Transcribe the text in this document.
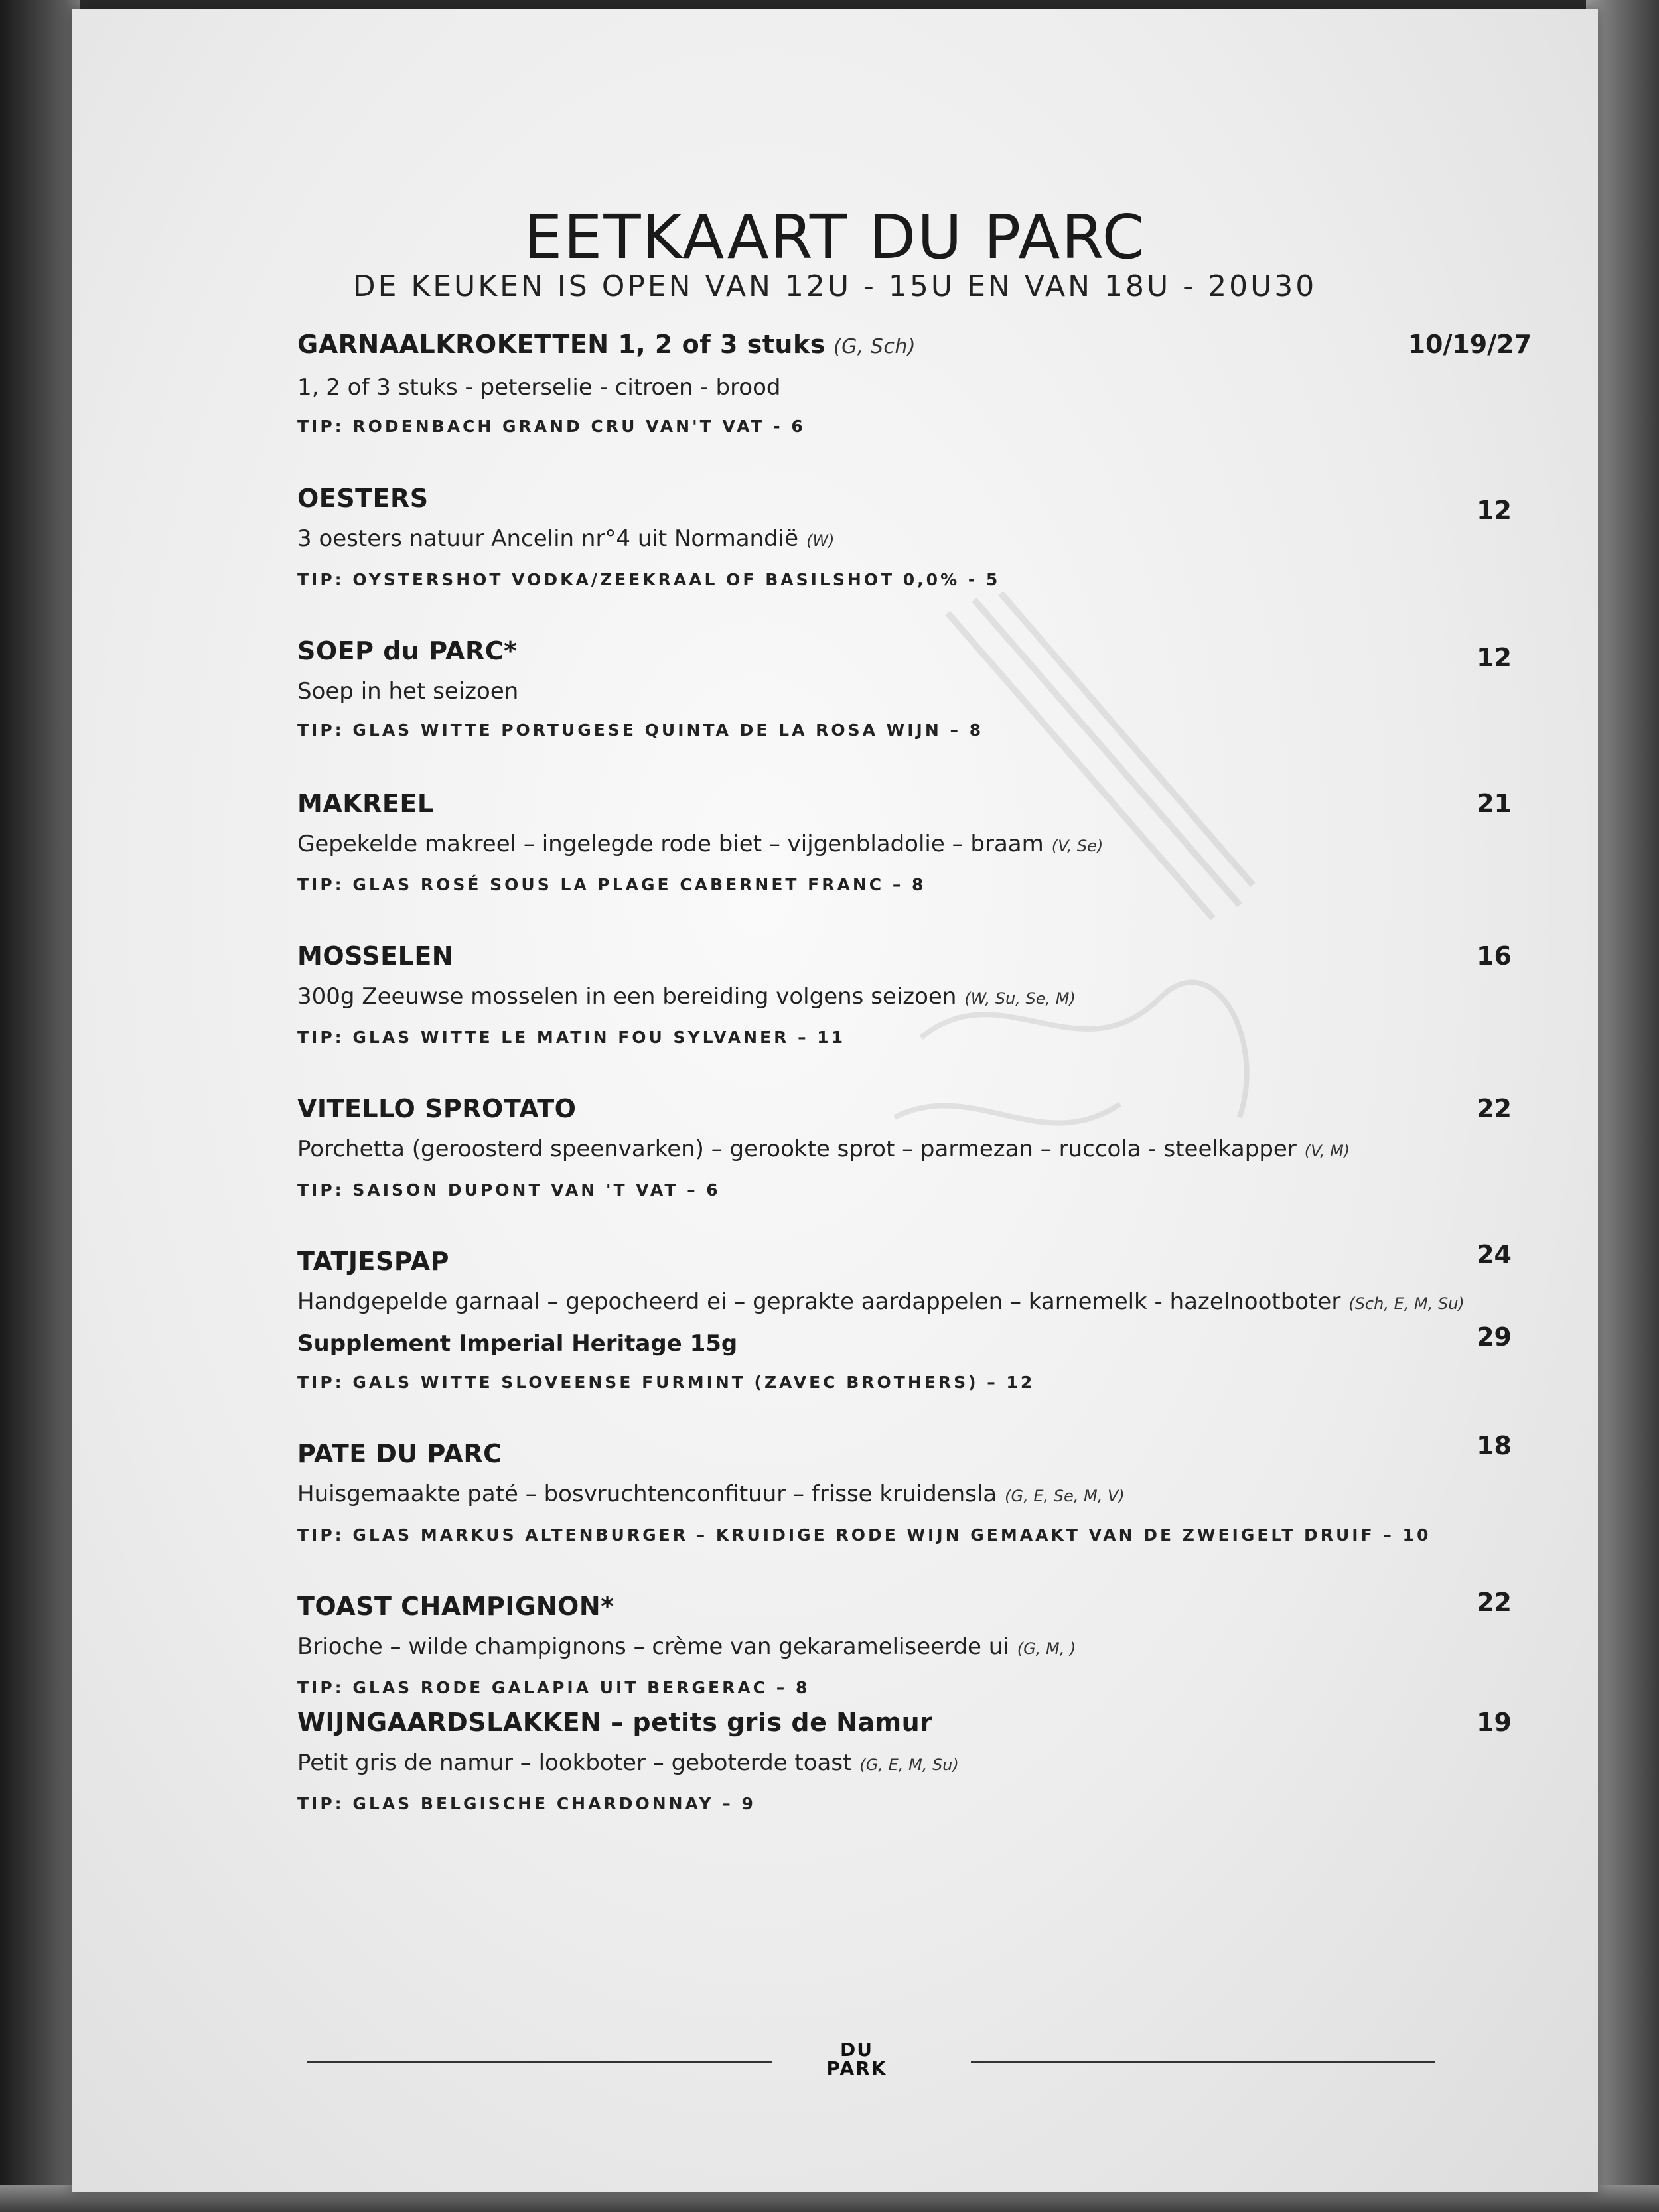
EETKAART DU PARC
DE KEUKEN IS OPEN VAN 12U - 15U EN VAN 18U - 20U30
GARNAALKROKETTEN 1, 2 of 3 stuks (G, Sch)	10/19/27
1, 2 of 3 stuks - peterselie - citroen - brood
TIP: RODENBACH GRAND CRU VAN'T VAT - 6
OESTERS	12
3 oesters natuur Ancelin nr°4 uit Normandië (W)
TIP: OYSTERSHOT VODKA/ZEEKRAAL OF BASILSHOT 0,0% - 5
SOEP du PARC*	12
Soep in het seizoen
TIP: GLAS WITTE PORTUGESE QUINTA DE LA ROSA WIJN – 8
MAKREEL	21
Gepekelde makreel – ingelegde rode biet – vijgenbladolie – braam (V, Se)
TIP: GLAS ROSÉ SOUS LA PLAGE CABERNET FRANC – 8
MOSSELEN	16
300g Zeeuwse mosselen in een bereiding volgens seizoen (W, Su, Se, M)
TIP: GLAS WITTE LE MATIN FOU SYLVANER – 11
VITELLO SPROTATO	22
Porchetta (geroosterd speenvarken) – gerookte sprot – parmezan – ruccola - steelkapper (V, M)
TIP: SAISON DUPONT VAN 'T VAT – 6
TATJESPAP	24
Handgepelde garnaal – gepocheerd ei – geprakte aardappelen – karnemelk - hazelnootboter (Sch, E, M, Su)
Supplement Imperial Heritage 15g	29
TIP: GALS WITTE SLOVEENSE FURMINT (ZAVEC BROTHERS) – 12
PATE DU PARC	18
Huisgemaakte paté – bosvruchtenconfituur – frisse kruidensla (G, E, Se, M, V)
TIP: GLAS MARKUS ALTENBURGER – KRUIDIGE RODE WIJN GEMAAKT VAN DE ZWEIGELT DRUIF – 10
TOAST CHAMPIGNON*	22
Brioche – wilde champignons – crème van gekarameliseerde ui (G, M, )
TIP: GLAS RODE GALAPIA UIT BERGERAC – 8
WIJNGAARDSLAKKEN – petits gris de Namur	19
Petit gris de namur – lookboter – geboterde toast (G, E, M, Su)
TIP: GLAS BELGISCHE CHARDONNAY – 9
DU
PARK
